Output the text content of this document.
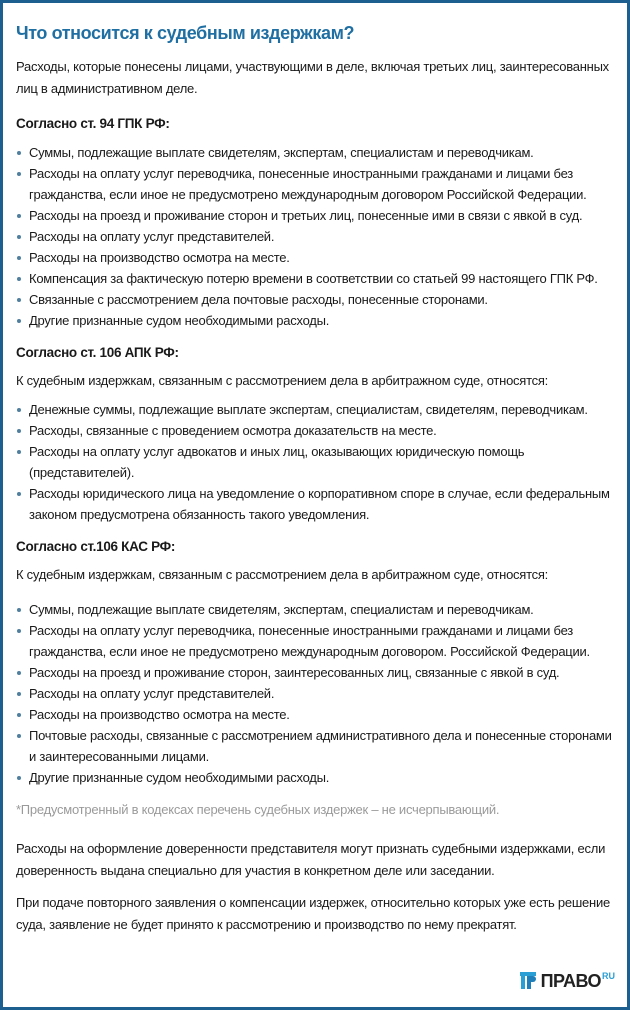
Что относится к судебным издержкам?

Расходы, которые понесены лицами, участвующими в деле, включая третьих лиц, заинтересованных лиц в административном деле.

Согласно ст. 94 ГПК РФ:
Суммы, подлежащие выплате свидетелям, экспертам, специалистам и переводчикам.
Расходы на оплату услуг переводчика, понесенные иностранными гражданами и лицами без гражданства, если иное не предусмотрено международным договором Российской Федерации.
Расходы на проезд и проживание сторон и третьих лиц, понесенные ими в связи с явкой в суд.
Расходы на оплату услуг представителей.
Расходы на производство осмотра на месте.
Компенсация за фактическую потерю времени в соответствии со статьей 99 настоящего ГПК РФ.
Связанные с рассмотрением дела почтовые расходы, понесенные сторонами.
Другие признанные судом необходимыми расходы.
Согласно ст. 106 АПК РФ:

К судебным издержкам, связанным с рассмотрением дела в арбитражном суде, относятся:

Денежные суммы, подлежащие выплате экспертам, специалистам, свидетелям, переводчикам.
Расходы, связанные с проведением осмотра доказательств на месте.
Расходы на оплату услуг адвокатов и иных лиц, оказывающих юридическую помощь (представителей).
Расходы юридического лица на уведомление о корпоративном споре в случае, если федеральным законом предусмотрена обязанность такого уведомления.
Согласно ст.106 КАС РФ:

К судебным издержкам, связанным с рассмотрением дела в арбитражном суде, относятся:

Суммы, подлежащие выплате свидетелям, экспертам, специалистам и переводчикам.
Расходы на оплату услуг переводчика, понесенные иностранными гражданами и лицами без гражданства, если иное не предусмотрено международным договором. Российской Федерации.
Расходы на проезд и проживание сторон, заинтересованных лиц, связанные с явкой в суд.
Расходы на оплату услуг представителей.
Расходы на производство осмотра на месте.
Почтовые расходы, связанные с рассмотрением административного дела и понесенные сторонами и заинтересованными лицами.
Другие признанные судом необходимыми расходы.

*Предусмотренный в кодексах перечень судебных издержек – не исчерпывающий.

Расходы на оформление доверенности представителя могут признать судебными издержками, если доверенность выдана специально для участия в конкретном деле или заседании.

При подаче повторного заявления о компенсации издержек, относительно которых уже есть решение суда, заявление не будет принято к рассмотрению и производство по нему прекратят.

ПРАВО RU
